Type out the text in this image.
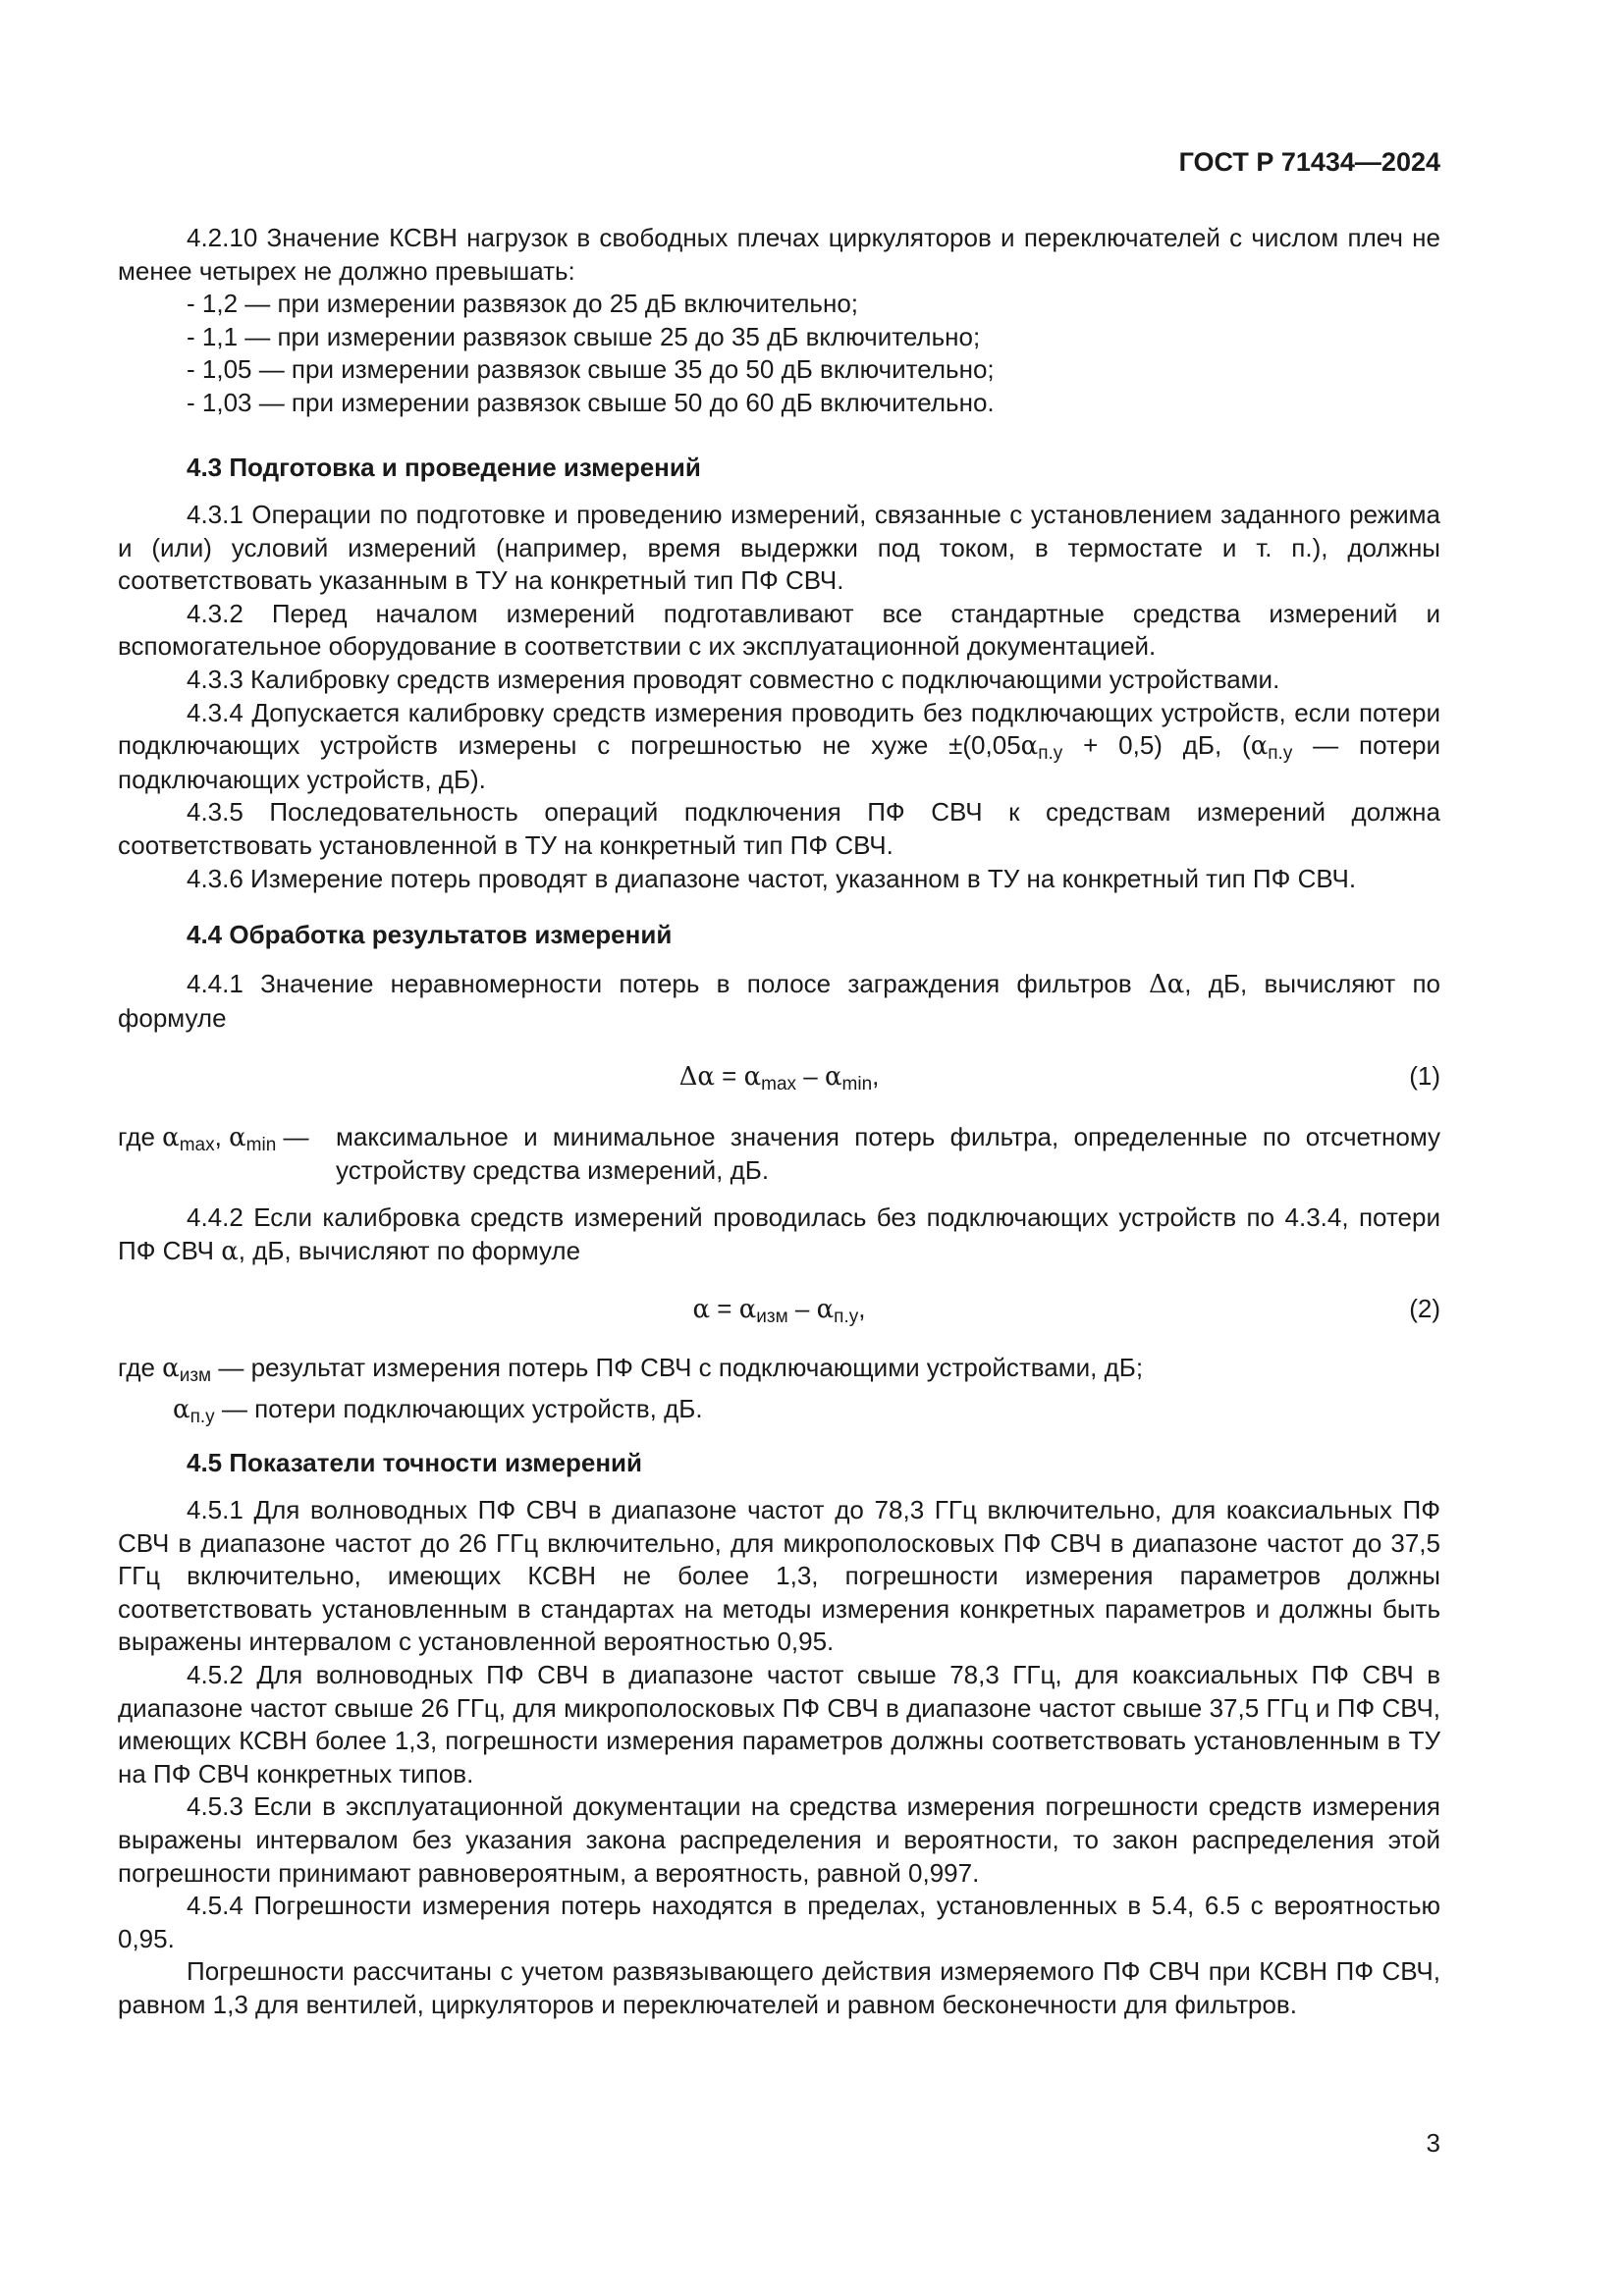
ГОСТ Р 71434—2024

4.2.10 Значение КСВН нагрузок в свободных плечах циркуляторов и переключателей с числом плеч не менее четырех не должно превышать:

- 1,2 — при измерении развязок до 25 дБ включительно;

- 1,1 — при измерении развязок свыше 25 до 35 дБ включительно;

- 1,05 — при измерении развязок свыше 35 до 50 дБ включительно;

- 1,03 — при измерении развязок свыше 50 до 60 дБ включительно.

4.3 Подготовка и проведение измерений

4.3.1 Операции по подготовке и проведению измерений, связанные с установлением заданного режима и (или) условий измерений (например, время выдержки под током, в термостате и т. п.), должны соответствовать указанным в ТУ на конкретный тип ПФ СВЧ.

4.3.2 Перед началом измерений подготавливают все стандартные средства измерений и вспомогательное оборудование в соответствии с их эксплуатационной документацией.

4.3.3 Калибровку средств измерения проводят совместно с подключающими устройствами.

4.3.4 Допускается калибровку средств измерения проводить без подключающих устройств, если потери подключающих устройств измерены с погрешностью не хуже $\pm(0,05\alpha_{п.у} + 0,5)$ дБ, ($\alpha_{п.у}$ — потери подключающих устройств, дБ).

4.3.5 Последовательность операций подключения ПФ СВЧ к средствам измерений должна соответствовать установленной в ТУ на конкретный тип ПФ СВЧ.

4.3.6 Измерение потерь проводят в диапазоне частот, указанном в ТУ на конкретный тип ПФ СВЧ.

4.4 Обработка результатов измерений

4.4.1 Значение неравномерности потерь в полосе заграждения фильтров Δα, дБ, вычисляют по формуле

$\Delta\alpha = \alpha_{max} - \alpha_{min}$,	(1)
где $\alpha_{max}$, $\alpha_{min}$ — максимальное и минимальное значения потерь фильтра, определенные по отсчетному устройству средства измерений, дБ.

4.4.2 Если калибровка средств измерений проводилась без подключающих устройств по 4.3.4, потери ПФ СВЧ α, дБ, вычисляют по формуле

$\alpha = \alpha_{изм} - \alpha_{п.у}$,	(2)
где $\alpha_{изм}$ — результат измерения потерь ПФ СВЧ с подключающими устройствами, дБ;
$\alpha_{п.у}$ — потери подключающих устройств, дБ.

4.5 Показатели точности измерений

4.5.1 Для волноводных ПФ СВЧ в диапазоне частот до 78,3 ГГц включительно, для коаксиальных ПФ СВЧ в диапазоне частот до 26 ГГц включительно, для микрополосковых ПФ СВЧ в диапазоне частот до 37,5 ГГц включительно, имеющих КСВН не более 1,3, погрешности измерения параметров должны соответствовать установленным в стандартах на методы измерения конкретных параметров и должны быть выражены интервалом с установленной вероятностью 0,95.

4.5.2 Для волноводных ПФ СВЧ в диапазоне частот свыше 78,3 ГГц, для коаксиальных ПФ СВЧ в диапазоне частот свыше 26 ГГц, для микрополосковых ПФ СВЧ в диапазоне частот свыше 37,5 ГГц и ПФ СВЧ, имеющих КСВН более 1,3, погрешности измерения параметров должны соответствовать установленным в ТУ на ПФ СВЧ конкретных типов.

4.5.3 Если в эксплуатационной документации на средства измерения погрешности средств измерения выражены интервалом без указания закона распределения и вероятности, то закон распределения этой погрешности принимают равновероятным, а вероятность, равной 0,997.

4.5.4 Погрешности измерения потерь находятся в пределах, установленных в 5.4, 6.5 с вероятностью 0,95.

Погрешности рассчитаны с учетом развязывающего действия измеряемого ПФ СВЧ при КСВН ПФ СВЧ, равном 1,3 для вентилей, циркуляторов и переключателей и равном бесконечности для фильтров.

3
